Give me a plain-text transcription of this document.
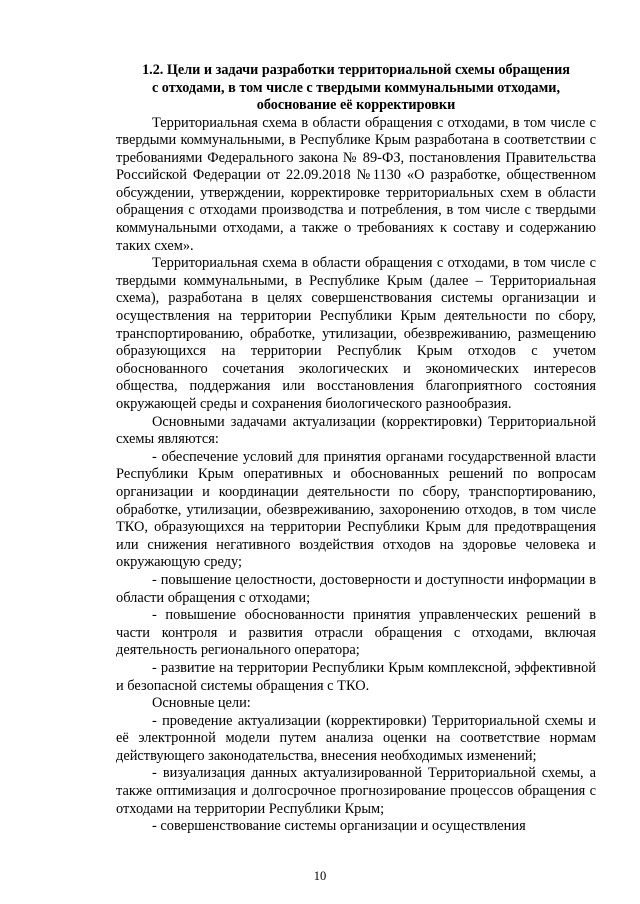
1.2. Цели и задачи разработки территориальной схемы обращения
с отходами, в том числе с твердыми коммунальными отходами,
обоснование её корректировки

Территориальная схема в области обращения с отходами, в том числе с твердыми коммунальными, в Республике Крым разработана в соответствии с требованиями Федерального закона № 89-ФЗ, постановления Правительства Российской Федерации от 22.09.2018 №1130 «О разработке, общественном обсуждении, утверждении, корректировке территориальных схем в области обращения с отходами производства и потребления, в том числе с твердыми коммунальными отходами, а также о требованиях к составу и содержанию таких схем».

Территориальная схема в области обращения с отходами, в том числе с твердыми коммунальными, в Республике Крым (далее – Территориальная схема), разработана в целях совершенствования системы организации и осуществления на территории Республики Крым деятельности по сбору, транспортированию, обработке, утилизации, обезвреживанию, размещению образующихся на территории Республик Крым отходов с учетом обоснованного сочетания экологических и экономических интересов общества, поддержания или восстановления благоприятного состояния окружающей среды и сохранения биологического разнообразия.

Основными задачами актуализации (корректировки) Территориальной схемы являются:

- обеспечение условий для принятия органами государственной власти Республики Крым оперативных и обоснованных решений по вопросам организации и координации деятельности по сбору, транспортированию, обработке, утилизации, обезвреживанию, захоронению отходов, в том числе ТКО, образующихся на территории Республики Крым для предотвращения или снижения негативного воздействия отходов на здоровье человека и окружающую среду;

- повышение целостности, достоверности и доступности информации в области обращения с отходами;

- повышение обоснованности принятия управленческих решений в части контроля и развития отрасли обращения с отходами, включая деятельность регионального оператора;

- развитие на территории Республики Крым комплексной, эффективной и безопасной системы обращения с ТКО.

Основные цели:

- проведение актуализации (корректировки) Территориальной схемы и её электронной модели путем анализа оценки на соответствие нормам действующего законодательства, внесения необходимых изменений;

- визуализация данных актуализированной Территориальной схемы, а также оптимизация и долгосрочное прогнозирование процессов обращения с отходами на территории Республики Крым;

- совершенствование системы организации и осуществления

10
